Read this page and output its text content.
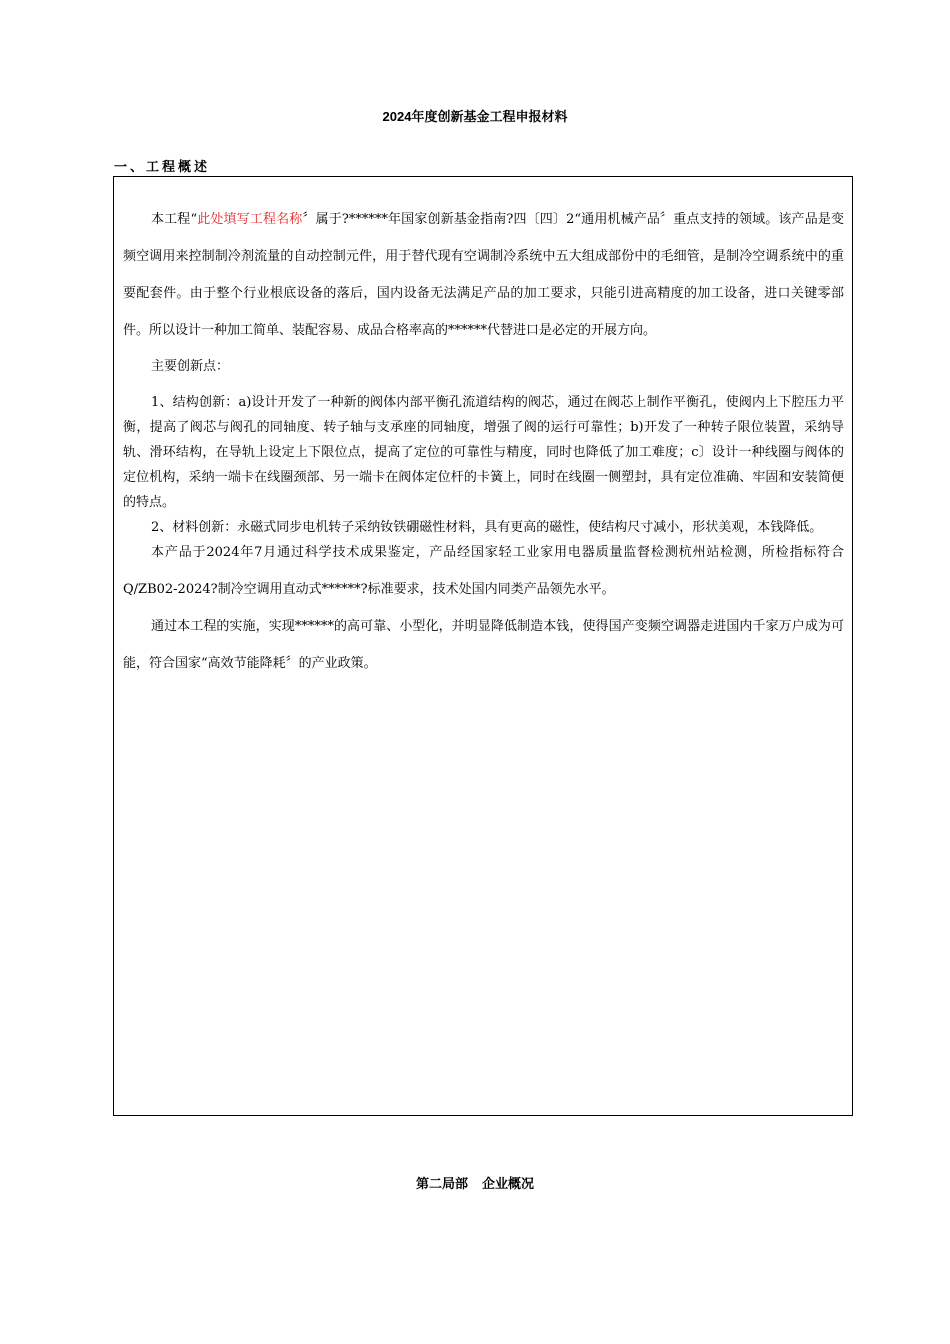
2024年度创新基金工程申报材料
一、工程概述

本工程“此处填写工程名称〞属于?******年国家创新基金指南?四〔四〕2“通用机械产品〞重点支持的领域。该产品是变频空调用来控制制冷剂流量的自动控制元件，用于替代现有空调制冷系统中五大组成部份中的毛细管，是制冷空调系统中的重要配套件。由于整个行业根底设备的落后，国内设备无法满足产品的加工要求，只能引进高精度的加工设备，进口关键零部件。所以设计一种加工简单、装配容易、成品合格率高的******代替进口是必定的开展方向。

主要创新点：

1、结构创新：a)设计开发了一种新的阀体内部平衡孔流道结构的阀芯，通过在阀芯上制作平衡孔，使阀内上下腔压力平衡，提高了阀芯与阀孔的同轴度、转子轴与支承座的同轴度，增强了阀的运行可靠性；b)开发了一种转子限位装置，采纳导轨、滑环结构，在导轨上设定上下限位点，提高了定位的可靠性与精度，同时也降低了加工难度；c〕设计一种线圈与阀体的定位机构，采纳一端卡在线圈颈部、另一端卡在阀体定位杆的卡簧上，同时在线圈一侧塑封，具有定位准确、牢固和安装简便的特点。

2、材料创新：永磁式同步电机转子采纳钕铁硼磁性材料，具有更高的磁性，使结构尺寸减小，形状美观，本钱降低。

本产品于2024年7月通过科学技术成果鉴定，产品经国家轻工业家用电器质量监督检测杭州站检测，所检指标符合Q/ZB02-2024?制冷空调用直动式******?标准要求，技术处国内同类产品领先水平。

通过本工程的实施，实现******的高可靠、小型化，并明显降低制造本钱，使得国产变频空调器走进国内千家万户成为可能，符合国家“高效节能降耗〞的产业政策。

第二局部 企业概况
